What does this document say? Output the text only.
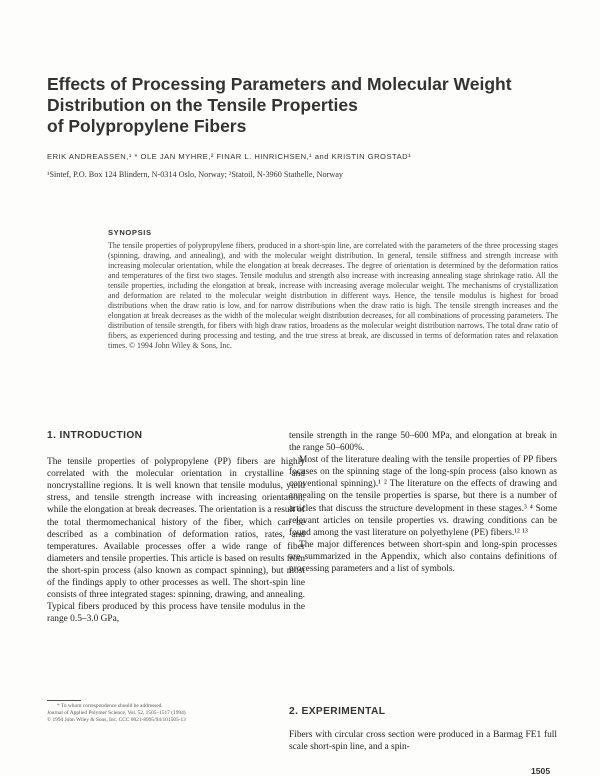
Effects of Processing Parameters and Molecular Weight
Distribution on the Tensile Properties
of Polypropylene Fibers
ERIK ANDREASSEN,¹ * OLE JAN MYHRE,² FINAR L. HINRICHSEN,¹ and KRISTIN GROSTAD¹
¹Sintef, P.O. Box 124 Blindern, N-0314 Oslo, Norway; ²Statoil, N-3960 Stathelle, Norway
SYNOPSIS

The tensile properties of polypropylene fibers, produced in a short-spin line, are correlated with the parameters of the three processing stages (spinning, drawing, and annealing), and with the molecular weight distribution. In general, tensile stiffness and strength increase with increasing molecular orientation, while the elongation at break decreases. The degree of orientation is determined by the deformation ratios and temperatures of the first two stages. Tensile modulus and strength also increase with increasing annealing stage shrinkage ratio. All the tensile properties, including the elongation at break, increase with increasing average molecular weight. The mechanisms of crystallization and deformation are related to the molecular weight distribution in different ways. Hence, the tensile modulus is highest for broad distributions when the draw ratio is low, and for narrow distributions when the draw ratio is high. The tensile strength increases and the elongation at break decreases as the width of the molecular weight distribution decreases, for all combinations of processing parameters. The distribution of tensile strength, for fibers with high draw ratios, broadens as the molecular weight distribution narrows. The total draw ratio of fibers, as experienced during processing and testing, and the true stress at break, are discussed in terms of deformation rates and relaxation times. © 1994 John Wiley & Sons, Inc.

1. INTRODUCTION

The tensile properties of polypropylene (PP) fibers are highly correlated with the molecular orientation in crystalline and noncrystalline regions. It is well known that tensile modulus, yield stress, and tensile strength increase with increasing orientation, while the elongation at break decreases. The orientation is a result of the total thermomechanical history of the fiber, which can be described as a combination of deformation ratios, rates, and temperatures. Available processes offer a wide range of fiber diameters and tensile properties. This article is based on results from the short-spin process (also known as compact spinning), but most of the findings apply to other processes as well. The short-spin line consists of three integrated stages: spinning, drawing, and annealing. Typical fibers produced by this process have tensile modulus in the range 0.5–3.0 GPa,

tensile strength in the range 50–600 MPa, and elongation at break in the range 50–600%.

Most of the literature dealing with the tensile properties of PP fibers focuses on the spinning stage of the long-spin process (also known as conventional spinning).¹ ² The literature on the effects of drawing and annealing on the tensile properties is sparse, but there is a number of articles that discuss the structure development in these stages.³ ⁴ Some relevant articles on tensile properties vs. drawing conditions can be found among the vast literature on polyethylene (PE) fibers.¹² ¹³

The major differences between short-spin and long-spin processes are summarized in the Appendix, which also contains definitions of processing parameters and a list of symbols.

* To whom correspondence should be addressed.
Journal of Applied Polymer Science, Vol. 52, 1505–1517 (1994)
© 1994 John Wiley & Sons, Inc. CCC 0021-8995/94/101505-13
2. EXPERIMENTAL

Fibers with circular cross section were produced in a Barmag FE1 full scale short-spin line, and a spin-

1505
